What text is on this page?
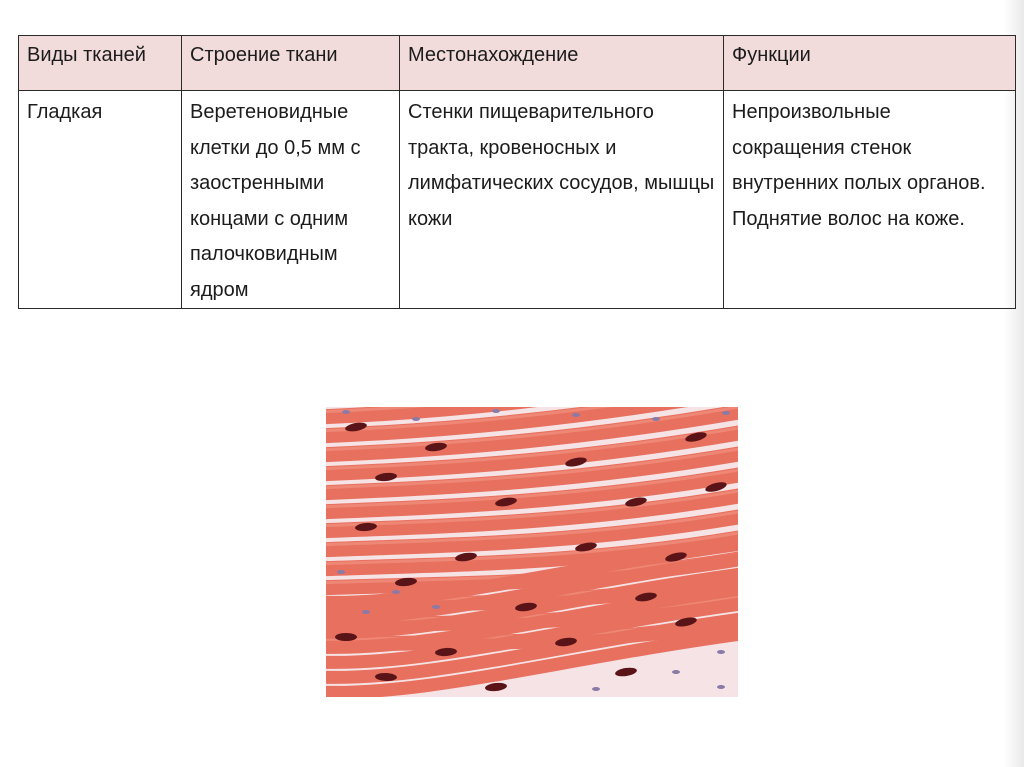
Виды тканей	Строение ткани	Местонахождение	Функции
Гладкая	Веретеновидные клетки до 0,5 мм с заостренными концами с одним палочковидным ядром	Стенки пищеварительного тракта, кровеносных и лимфатических сосудов, мышцы кожи	Непроизвольные сокращения стенок внутренних полых органов. Поднятие волос на коже.
